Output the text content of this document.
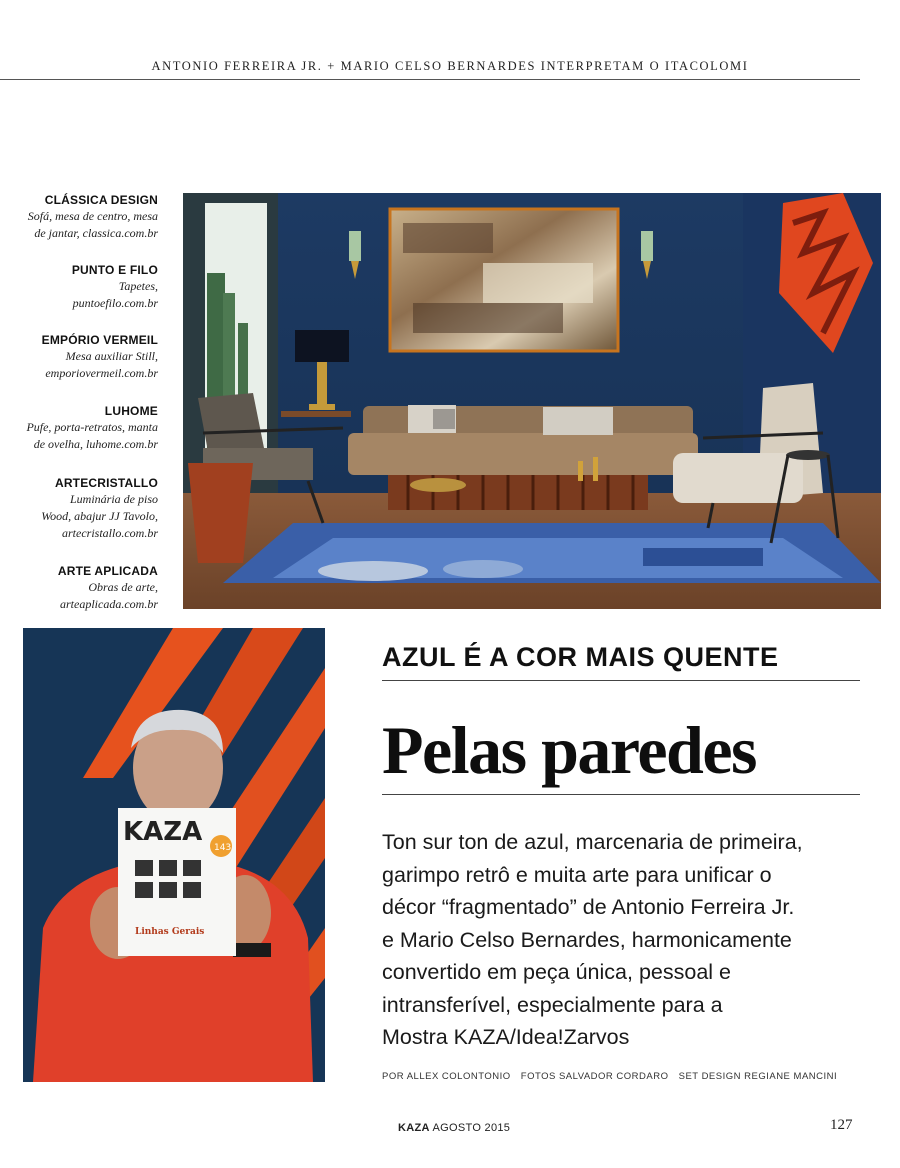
ANTONIO FERREIRA JR. + MARIO CELSO BERNARDES INTERPRETAM O ITACOLOMI
CLÁSSICA DESIGN
Sofá, mesa de centro, mesa
de jantar, classica.com.br
PUNTO E FILO
Tapetes,
puntoefilo.com.br
EMPÓRIO VERMEIL
Mesa auxiliar Still,
emporiovermeil.com.br
LUHOME
Pufe, porta-retratos, manta
de ovelha, luhome.com.br
ARTECRISTALLO
Luminária de piso
Wood, abajur JJ Tavolo,
artecristallo.com.br
ARTE APLICADA
Obras de arte,
arteaplicada.com.br
KAZA
143
Linhas Gerais
AZUL É A COR MAIS QUENTE
Pelas paredes
Ton sur ton de azul, marcenaria de primeira,
garimpo retrô e muita arte para unificar o
décor “fragmentado” de Antonio Ferreira Jr.
e Mario Celso Bernardes, harmonicamente
convertido em peça única, pessoal e
intransferível, especialmente para a
Mostra KAZA/Idea!Zarvos
POR ALLEX COLONTONIO FOTOS SALVADOR CORDARO SET DESIGN REGIANE MANCINI
KAZA AGOSTO 2015	127
